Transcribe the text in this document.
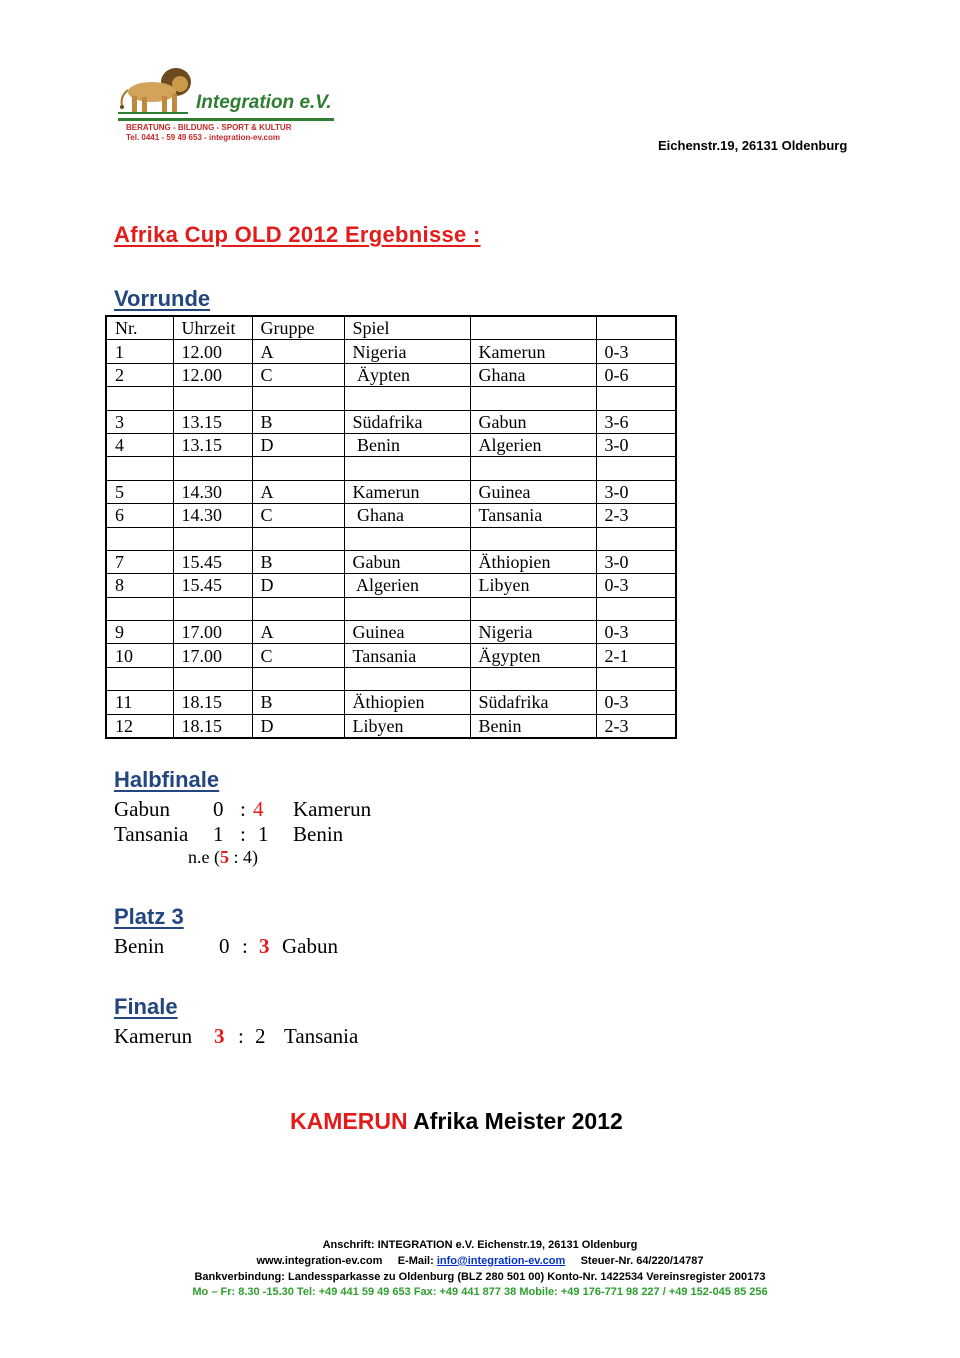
Integration e.V.
BERATUNG - BILDUNG - SPORT & KULTUR
Tel. 0441 - 59 49 653 - integration-ev.com
Eichenstr.19, 26131 Oldenburg
Afrika Cup OLD 2012 Ergebnisse :
Vorrunde
Nr.	Uhrzeit	Gruppe	Spiel		
1	12.00	A	Nigeria	Kamerun	0-3
2	12.00	C	Äypten	Ghana	0-6

3	13.15	B	Südafrika	Gabun	3-6
4	13.15	D	Benin	Algerien	3-0

5	14.30	A	Kamerun	Guinea	3-0
6	14.30	C	Ghana	Tansania	2-3

7	15.45	B	Gabun	Äthiopien	3-0
8	15.45	D	Algerien	Libyen	0-3

9	17.00	A	Guinea	Nigeria	0-3
10	17.00	C	Tansania	Ägypten	2-1

11	18.15	B	Äthiopien	Südafrika	0-3
12	18.15	D	Libyen	Benin	2-3
Halbfinale
Gabun 0 : 4 Kamerun
Tansania 1 : 1 Benin
n.e (5 : 4)
Platz 3
Benin	0 : 3 Gabun
Finale
Kamerun 3 : 2 Tansania
KAMERUN Afrika Meister 2012
Anschrift: INTEGRATION e.V. Eichenstr.19, 26131 Oldenburg
www.integration-ev.com E-Mail: info@integration-ev.com Steuer-Nr. 64/220/14787
Bankverbindung: Landessparkasse zu Oldenburg (BLZ 280 501 00) Konto-Nr. 1422534 Vereinsregister 200173
Mo – Fr: 8.30 -15.30 Tel: +49 441 59 49 653 Fax: +49 441 877 38 Mobile: +49 176-771 98 227 / +49 152-045 85 256
